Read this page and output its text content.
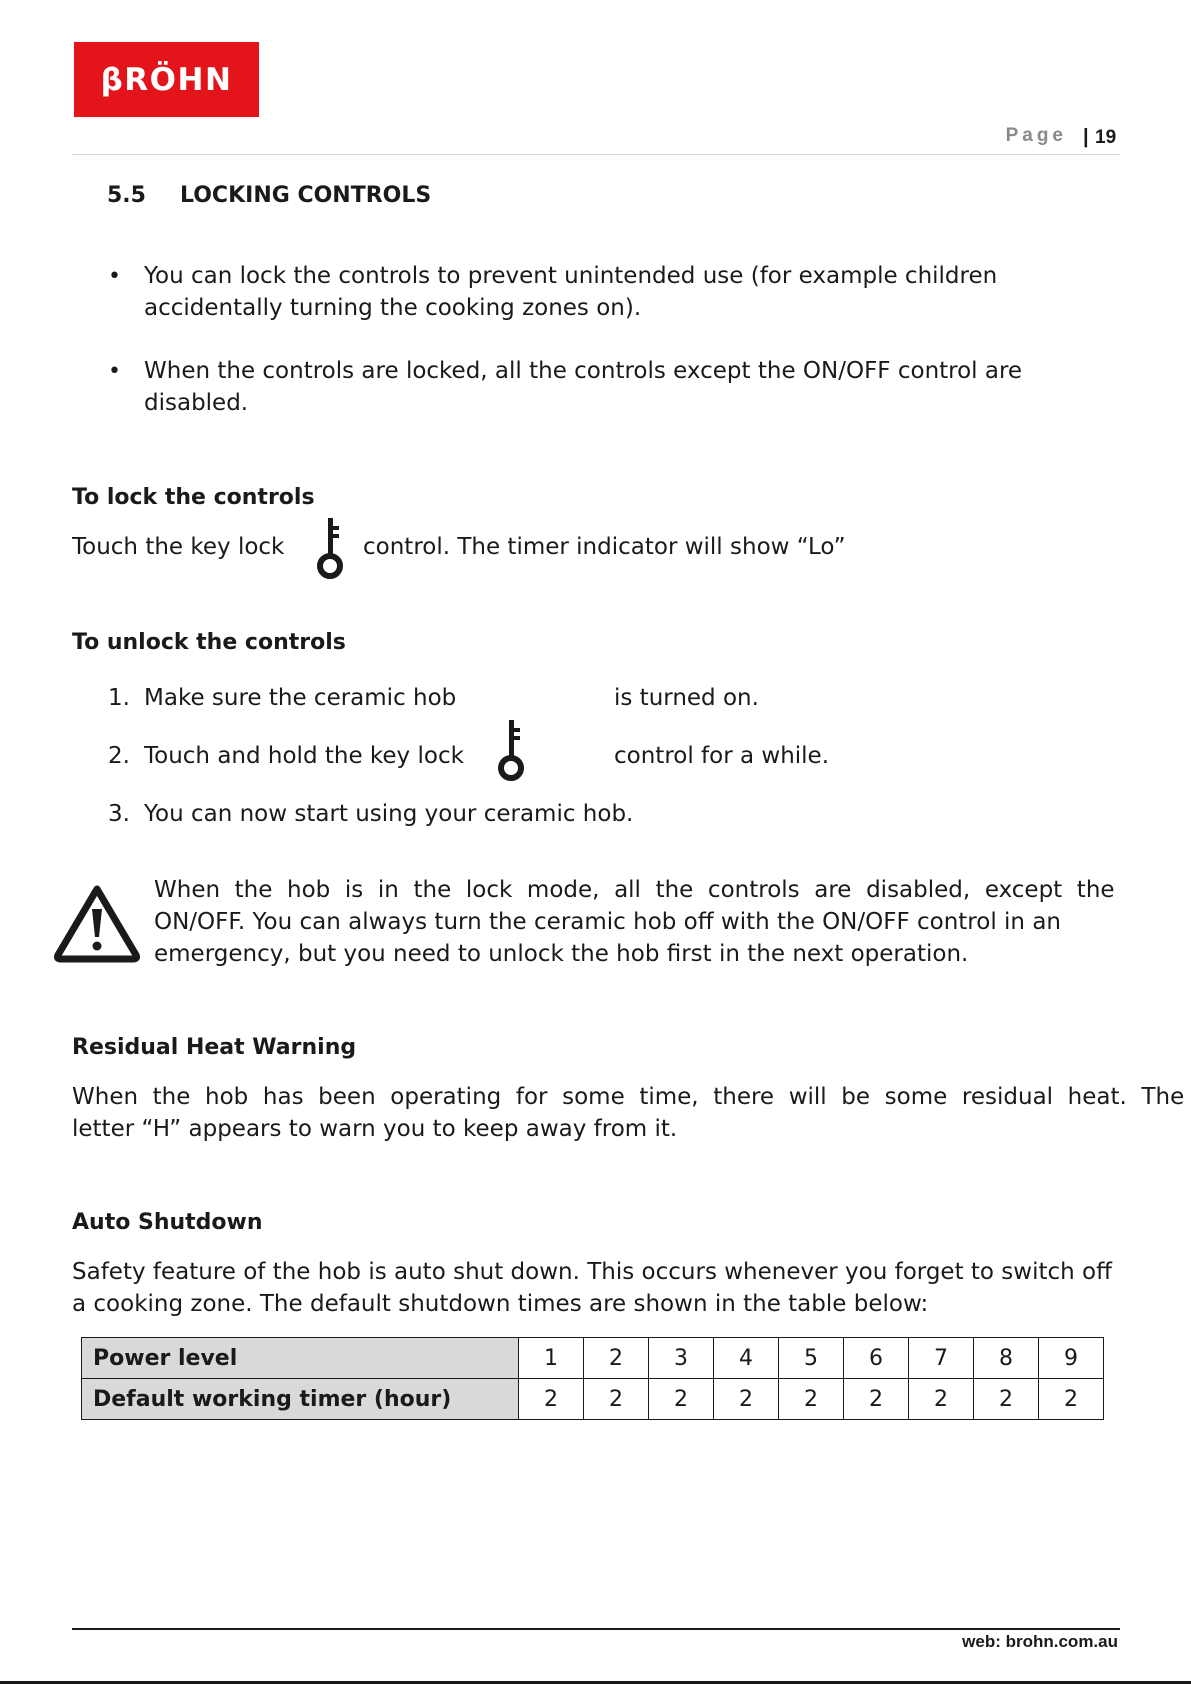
βRÖHN
Page | 19
5.5 LOCKING CONTROLS
• You can lock the controls to prevent unintended use (for example children
accidentally turning the cooking zones on).
• When the controls are locked, all the controls except the ON/OFF control are
disabled.
To lock the controls
Touch the key lock	control. The timer indicator will show “Lo”
To unlock the controls
1. Make sure the ceramic hob	is turned on.
2. Touch and hold the key lock	control for a while.
3. You can now start using your ceramic hob.
When  the  hob  is  in  the  lock  mode,  all  the  controls  are  disabled,  except  the
ON/OFF. You can always turn the ceramic hob off with the ON/OFF control in an
emergency, but you need to unlock the hob first in the next operation.
Residual Heat Warning
When  the  hob  has  been  operating  for  some  time,  there  will  be  some  residual  heat.  The
letter “H” appears to warn you to keep away from it.
Auto Shutdown
Safety feature of the hob is auto shut down. This occurs whenever you forget to switch off
a cooking zone. The default shutdown times are shown in the table below:
Power level	1	2	3	4	5	6	7	8	9
Default working timer (hour)	2	2	2	2	2	2	2	2	2
web: brohn.com.au
